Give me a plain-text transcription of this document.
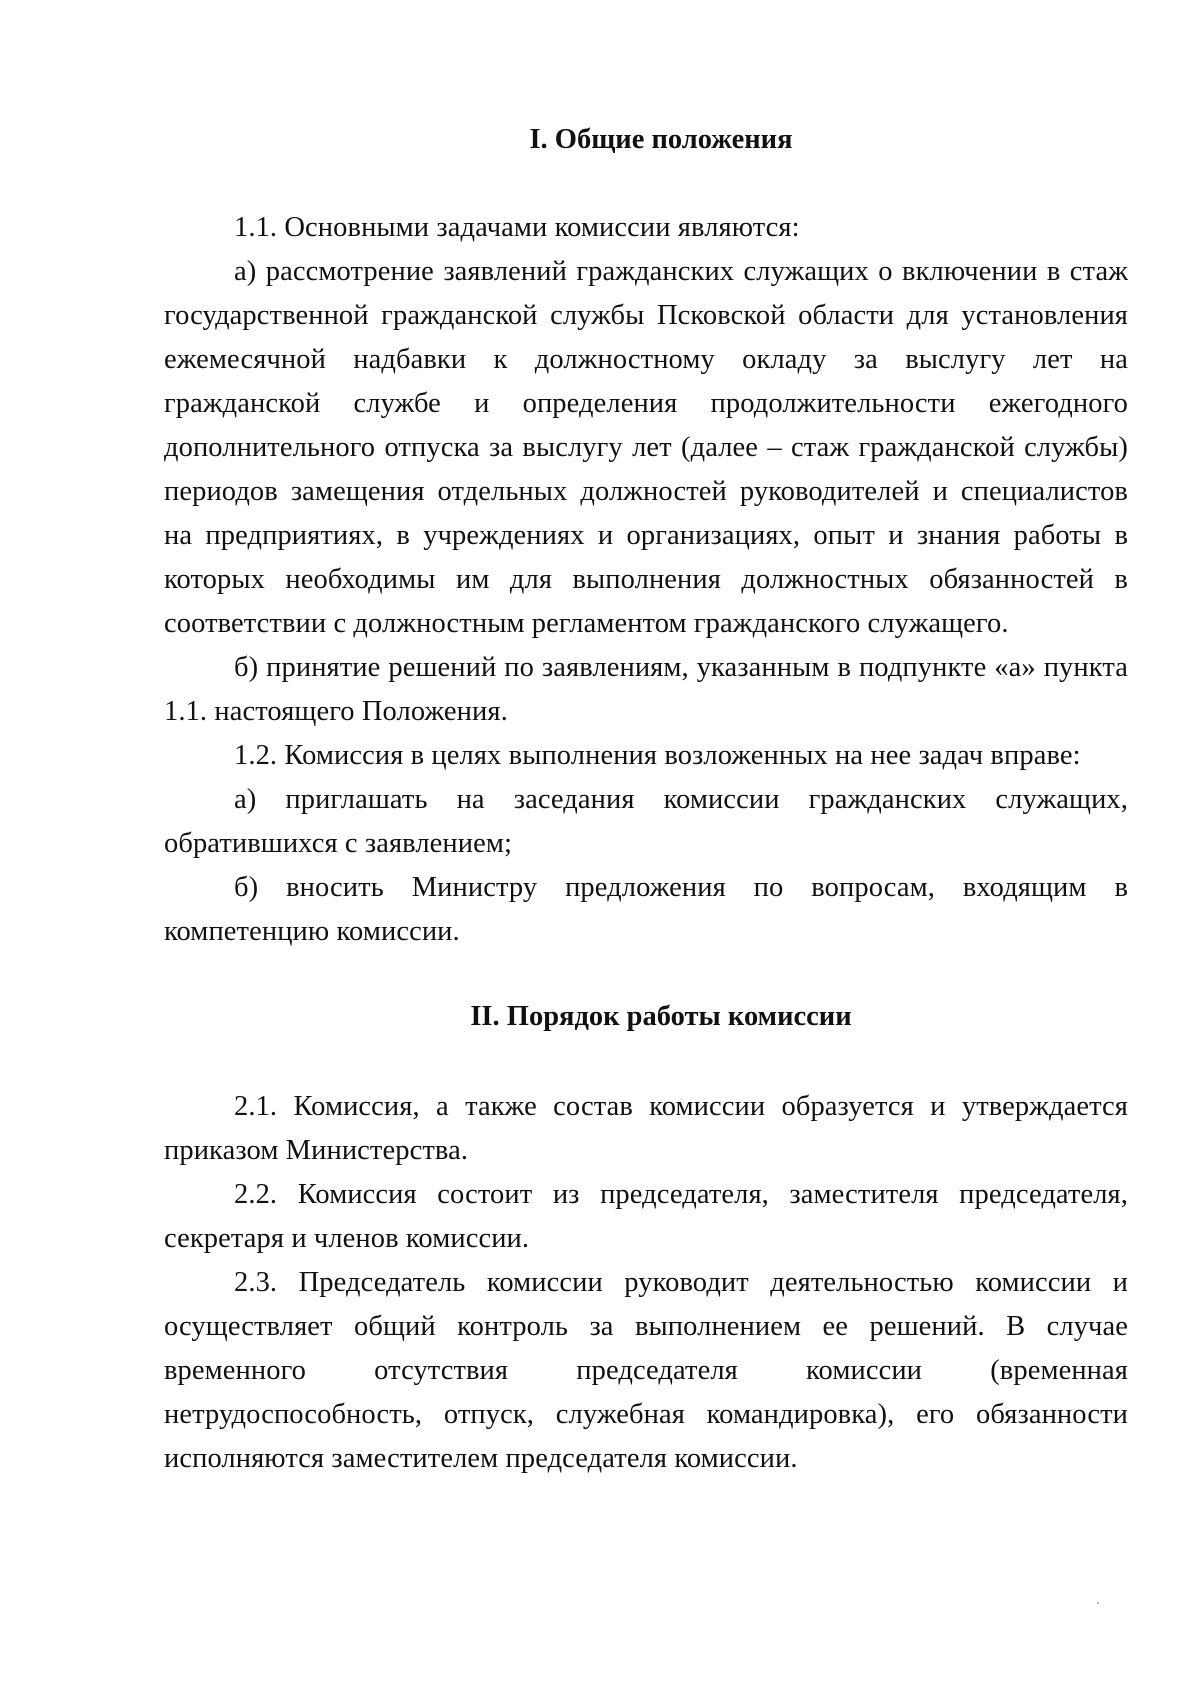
I. Общие положения

1.1. Основными задачами комиссии являются:

а) рассмотрение заявлений гражданских служащих о включении в стаж государственной гражданской службы Псковской области для установления ежемесячной надбавки к должностному окладу за выслугу лет на гражданской службе и определения продолжительности ежегодного дополнительного отпуска за выслугу лет (далее – стаж гражданской службы) периодов замещения отдельных должностей руководителей и специалистов на предприятиях, в учреждениях и организациях, опыт и знания работы в которых необходимы им для выполнения должностных обязанностей в соответствии с должностным регламентом гражданского служащего.

б) принятие решений по заявлениям, указанным в подпункте «а» пункта 1.1. настоящего Положения.

1.2. Комиссия в целях выполнения возложенных на нее задач вправе:

а) приглашать на заседания комиссии гражданских служащих, обратившихся с заявлением;

б) вносить Министру предложения по вопросам, входящим в компетенцию комиссии.

II. Порядок работы комиссии

2.1. Комиссия, а также состав комиссии образуется и утверждается приказом Министерства.

2.2. Комиссия состоит из председателя, заместителя председателя, секретаря и членов комиссии.

2.3. Председатель комиссии руководит деятельностью комиссии и осуществляет общий контроль за выполнением ее решений. В случае временного отсутствия председателя комиссии (временная нетрудоспособность, отпуск, служебная командировка), его обязанности исполняются заместителем председателя комиссии.
